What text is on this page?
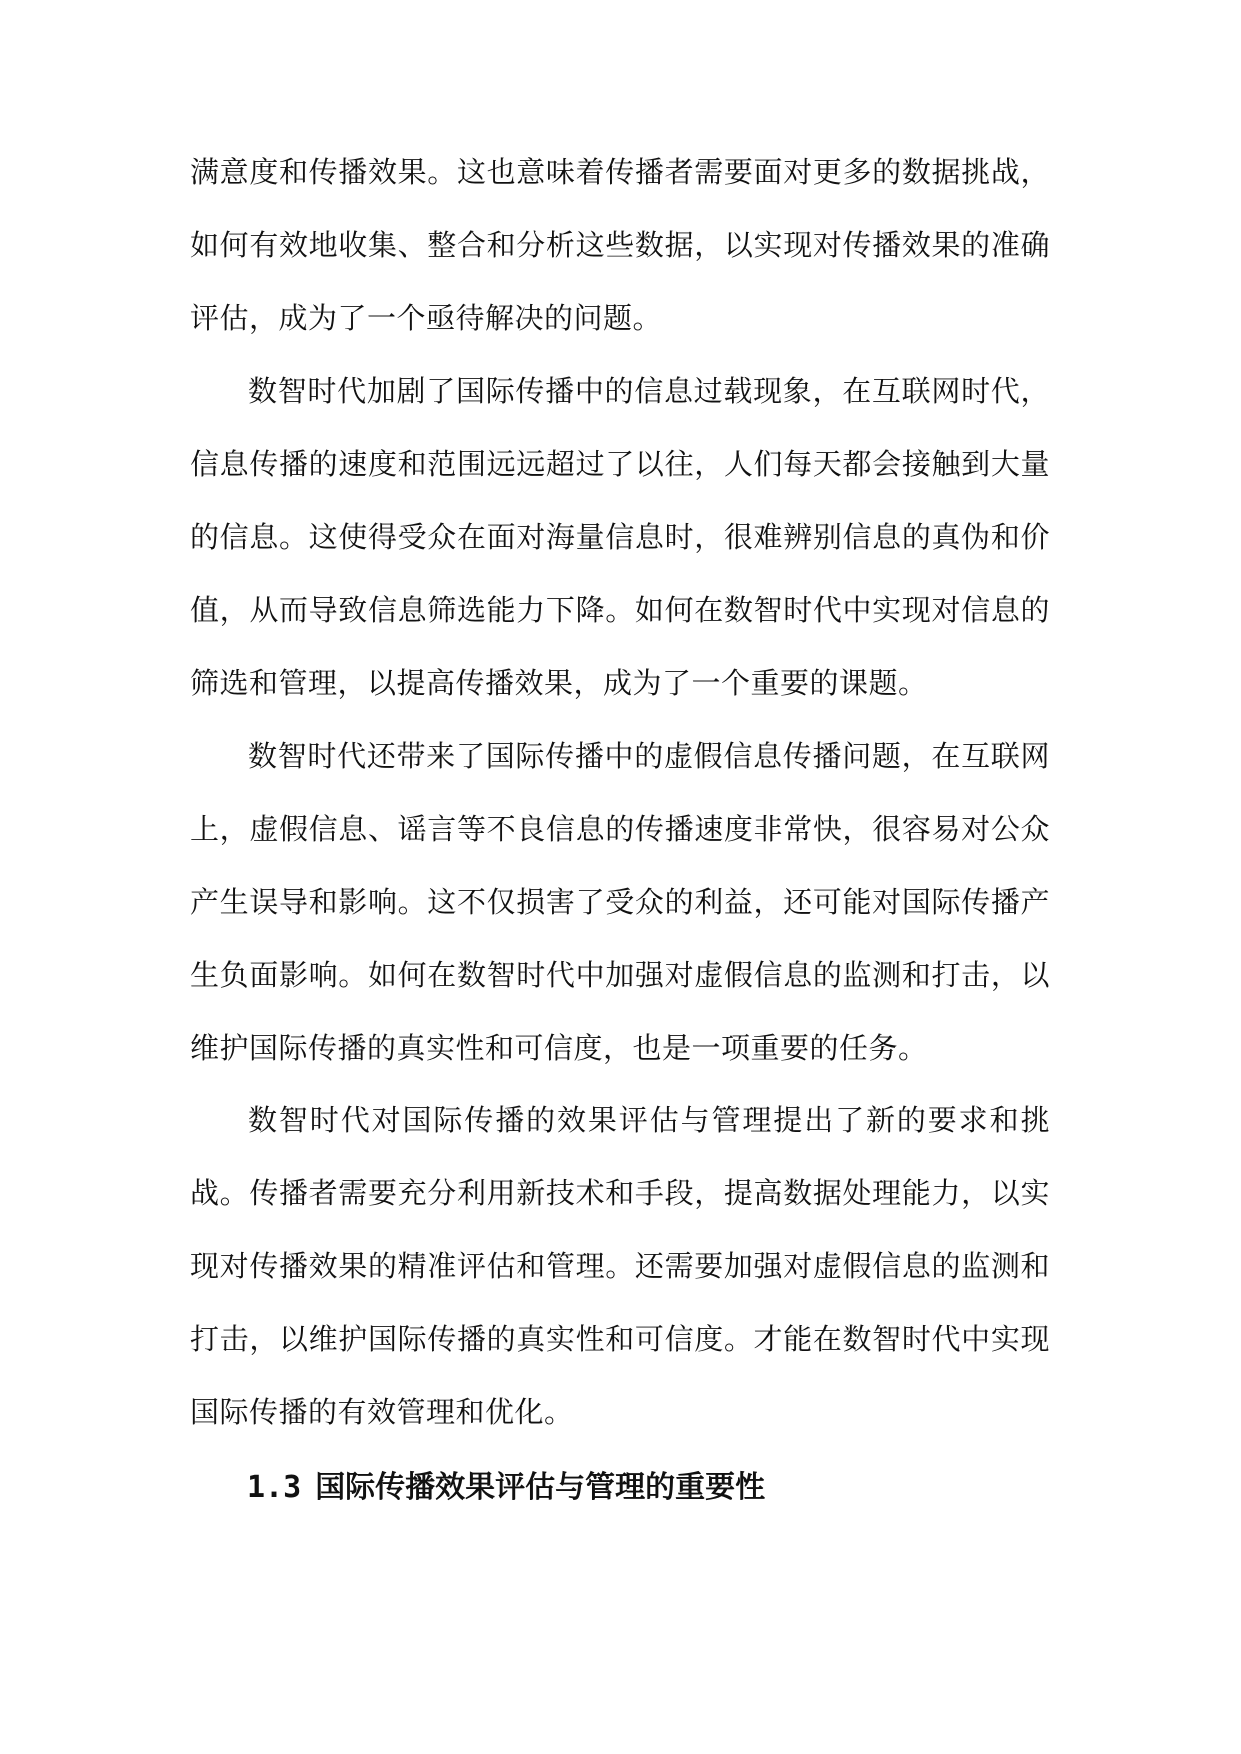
满意度和传播效果。这也意味着传播者需要面对更多的数据挑战，如何有效地收集、整合和分析这些数据，以实现对传播效果的准确评估，成为了一个亟待解决的问题。
数智时代加剧了国际传播中的信息过载现象，在互联网时代，信息传播的速度和范围远远超过了以往，人们每天都会接触到大量的信息。这使得受众在面对海量信息时，很难辨别信息的真伪和价值，从而导致信息筛选能力下降。如何在数智时代中实现对信息的筛选和管理，以提高传播效果，成为了一个重要的课题。
数智时代还带来了国际传播中的虚假信息传播问题，在互联网上，虚假信息、谣言等不良信息的传播速度非常快，很容易对公众产生误导和影响。这不仅损害了受众的利益，还可能对国际传播产生负面影响。如何在数智时代中加强对虚假信息的监测和打击，以维护国际传播的真实性和可信度，也是一项重要的任务。
数智时代对国际传播的效果评估与管理提出了新的要求和挑战。传播者需要充分利用新技术和手段，提高数据处理能力，以实现对传播效果的精准评估和管理。还需要加强对虚假信息的监测和打击，以维护国际传播的真实性和可信度。才能在数智时代中实现国际传播的有效管理和优化。
1.3 国际传播效果评估与管理的重要性
